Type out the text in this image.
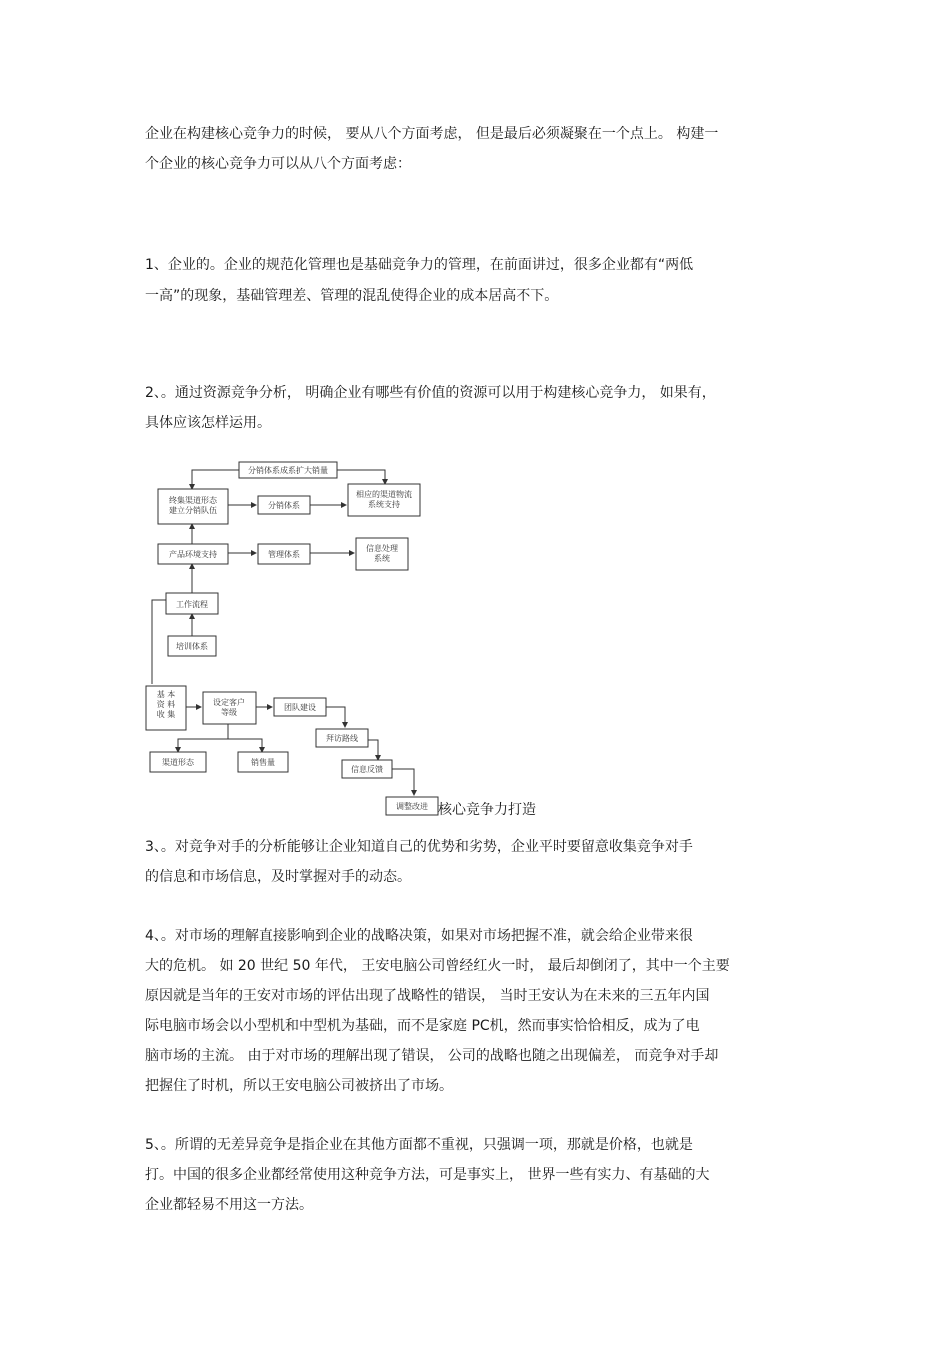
企业在构建核心竞争力的时候， 要从八个方面考虑， 但是最后必须凝聚在一个点上。 构建一
个企业的核心竞争力可以从八个方面考虑：
1、企业的。企业的规范化管理也是基础竞争力的管理，在前面讲过，很多企业都有“两低
一高”的现象，基础管理差、管理的混乱使得企业的成本居高不下。
2、。通过资源竞争分析， 明确企业有哪些有价值的资源可以用于构建核心竞争力， 如果有，
具体应该怎样运用。
分销体系成系扩大销量
终集渠道形态建立分销队伍
分销体系
相应的渠道物流系统支持
产品环境支持	管理体系
信息处理系统
工作流程
培训体系
基 本资 料收 集
设定客户等级
团队建设
拜访路线
信息反馈
调整改进
渠道形态	销售量
核心竞争力打造
3、。对竞争对手的分析能够让企业知道自己的优势和劣势，企业平时要留意收集竞争对手
的信息和市场信息，及时掌握对手的动态。
4、。对市场的理解直接影响到企业的战略决策，如果对市场把握不准，就会给企业带来很
大的危机。 如 20 世纪 50 年代， 王安电脑公司曾经红火一时， 最后却倒闭了，其中一个主要
原因就是当年的王安对市场的评估出现了战略性的错误， 当时王安认为在未来的三五年内国
际电脑市场会以小型机和中型机为基础，而不是家庭 PC机，然而事实恰恰相反，成为了电
脑市场的主流。 由于对市场的理解出现了错误， 公司的战略也随之出现偏差， 而竞争对手却
把握住了时机，所以王安电脑公司被挤出了市场。
5、。所谓的无差异竞争是指企业在其他方面都不重视，只强调一项，那就是价格，也就是
打。中国的很多企业都经常使用这种竞争方法，可是事实上， 世界一些有实力、有基础的大
企业都轻易不用这一方法。
